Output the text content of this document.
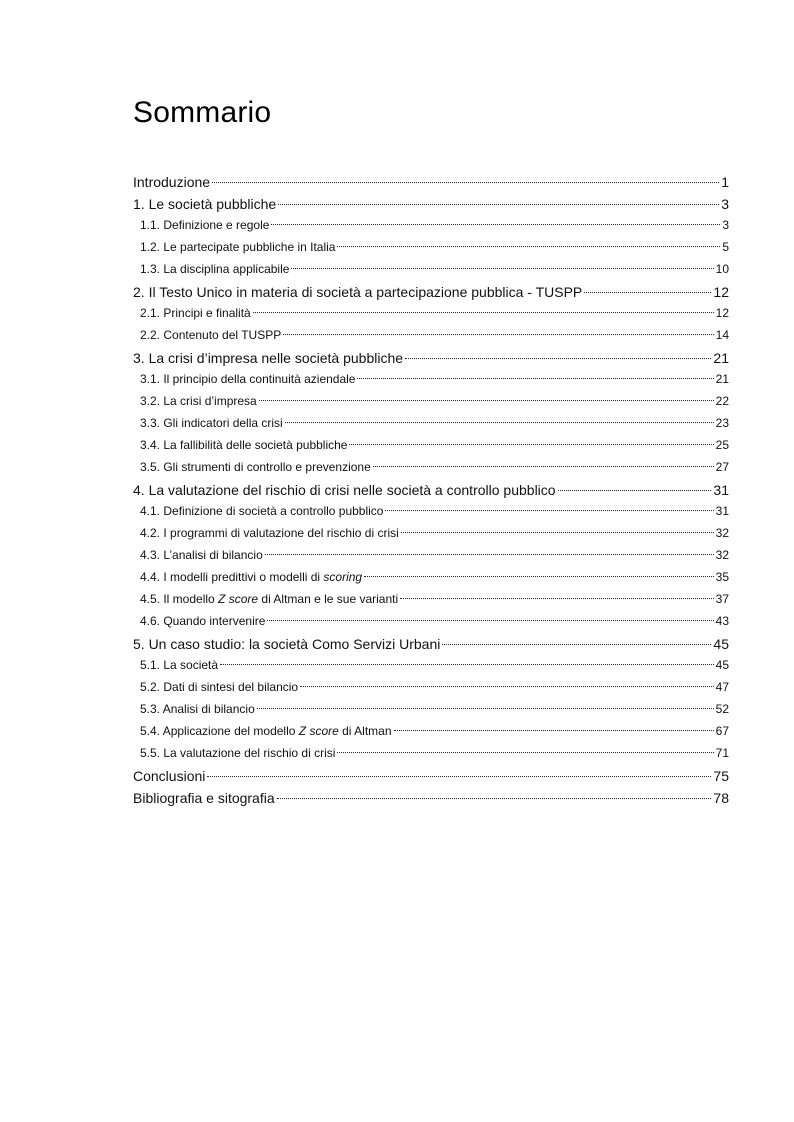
Sommario
Introduzione	1
1. Le società pubbliche	3
1.1. Definizione e regole	3
1.2. Le partecipate pubbliche in Italia	5
1.3. La disciplina applicabile	10
2. Il Testo Unico in materia di società a partecipazione pubblica - TUSPP	12
2.1. Principi e finalità	12
2.2. Contenuto del TUSPP	14
3. La crisi d’impresa nelle società pubbliche	21
3.1. Il principio della continuità aziendale	21
3.2. La crisi d’impresa	22
3.3. Gli indicatori della crisi	23
3.4. La fallibilità delle società pubbliche	25
3.5. Gli strumenti di controllo e prevenzione	27
4. La valutazione del rischio di crisi nelle società a controllo pubblico	31
4.1. Definizione di società a controllo pubblico	31
4.2. I programmi di valutazione del rischio di crisi	32
4.3. L’analisi di bilancio	32
4.4. I modelli predittivi o modelli di scoring	35
4.5. Il modello Z score di Altman e le sue varianti	37
4.6. Quando intervenire	43
5. Un caso studio: la società Como Servizi Urbani	45
5.1. La società	45
5.2. Dati di sintesi del bilancio	47
5.3. Analisi di bilancio	52
5.4. Applicazione del modello Z score di Altman	67
5.5. La valutazione del rischio di crisi	71
Conclusioni	75
Bibliografia e sitografia	78
